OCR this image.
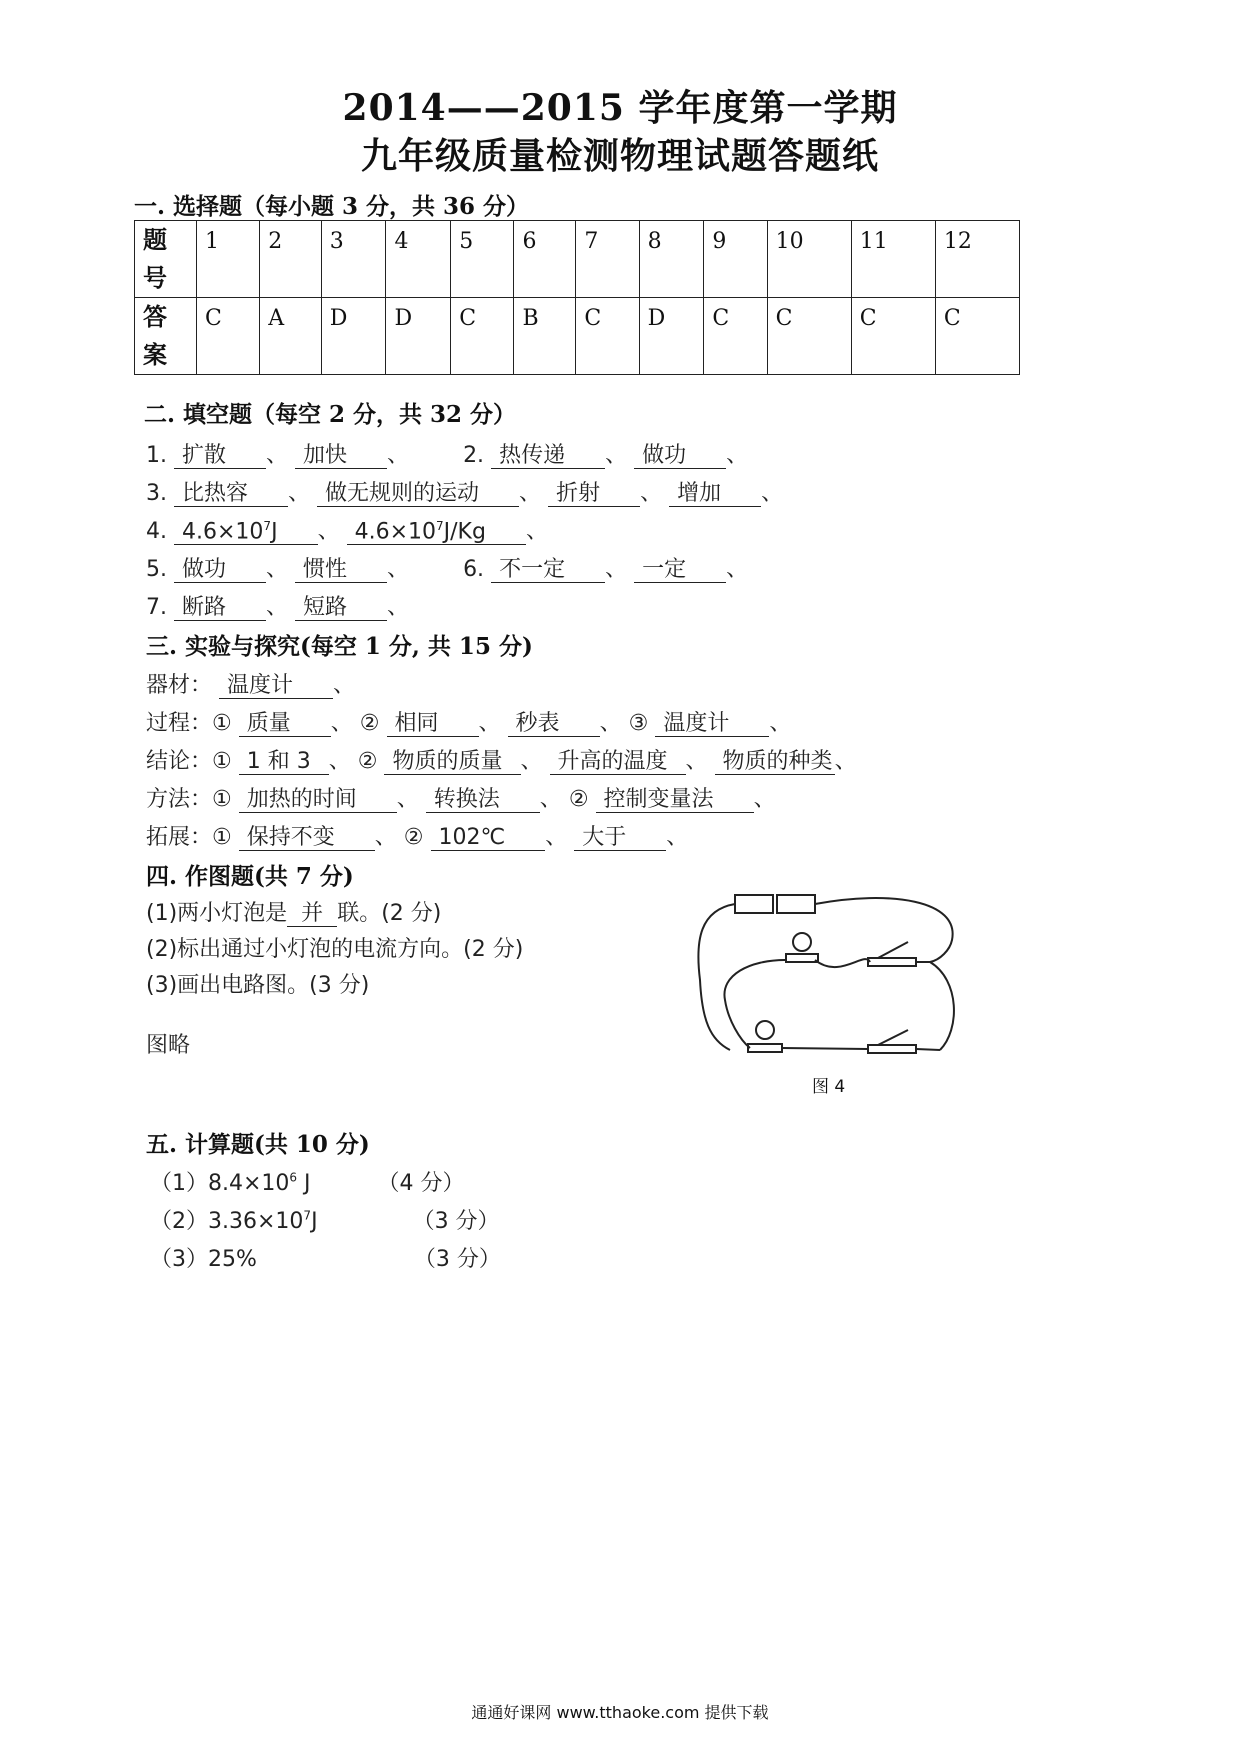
2014——2015 学年度第一学期
九年级质量检测物理试题答题纸
一. 选择题（每小题 3 分，共 36 分）
题
号	1	2	3	4	5	6	7	8	9	10	11	12
答
案	C	A	D	D	C	B	C	D	C	C	C	C
二. 填空题（每空 2 分，共 32 分）
1. 扩散 、 加快 、 2. 热传递 、 做功 、
3. 比热容 、 做无规则的运动 、 折射 、 增加 、
4. $4.6\times 10^7J$ 、 $4.6\times 10^7J/Kg$ 、
5. 做功 、 惯性 、 6. 不一定 、 一定 、
7. 断路 、 短路 、
三. 实验与探究(每空 1 分, 共 15 分)
器材： 温度计 、
过程：① 质量 、 ② 相同 、 秒表 、 ③ 温度计 、
结论：① 1 和 3 、 ② 物质的质量 、 升高的温度 、 物质的种类、
方法：① 加热的时间 、 转换法 、 ② 控制变量法 、
拓展：① 保持不变 、 ② 102℃ 、 大于 、
四. 作图题(共 7 分)
(1)两小灯泡是 并 联。(2 分)
(2)标出通过小灯泡的电流方向。(2 分)
(3)画出电路图。(3 分)
图略
图 4
五. 计算题(共 10 分)
$(1)8.4\times 10^6$ J	（4 分）
$(2)3.36\times 10^7J$	（3 分）
（3）25%	（3 分）
通通好课网 www.tthaoke.com 提供下载
